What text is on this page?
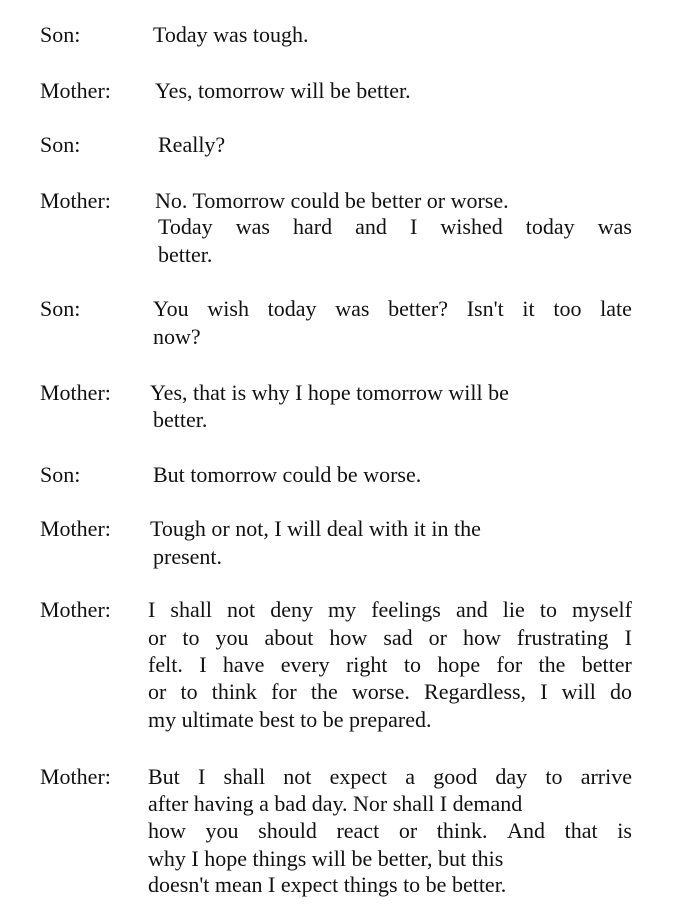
Son:	Today was tough.
Mother: Yes, tomorrow will be better.
Son:	Really?
Mother: No. Tomorrow could be better or worse.
Today was hard and I wished today was
better.
Son:	You wish today was better? Isn't it too late
now?
Mother: Yes, that is why I hope tomorrow will be
better.
Son:	But tomorrow could be worse.
Mother: Tough or not, I will deal with it in the
present.
Mother: I shall not deny my feelings and lie to myself
or to you about how sad or how frustrating I
felt. I have every right to hope for the better
or to think for the worse. Regardless, I will do
my ultimate best to be prepared.
Mother: But I shall not expect a good day to arrive
after having a bad day. Nor shall I demand
how you should react or think. And that is
why I hope things will be better, but this
doesn't mean I expect things to be better.
